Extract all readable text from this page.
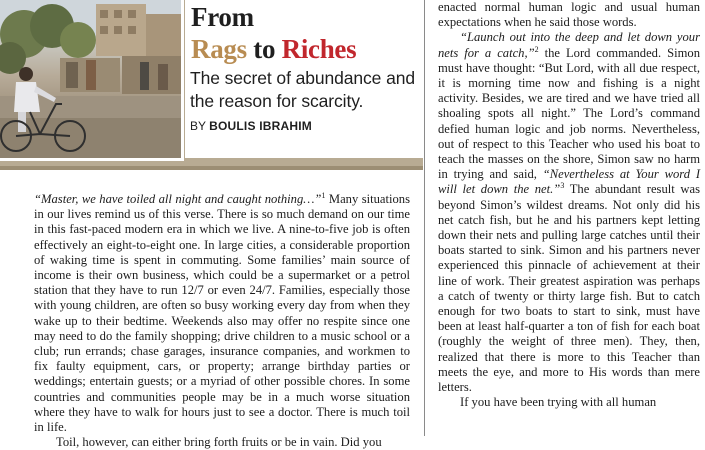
From
Rags to Riches
The secret of abundance and the reason for scarcity.
BY BOULIS IBRAHIM

“Master, we have toiled all night and caught nothing…”$^1$ Many situations in our lives remind us of this verse. There is so much demand on our time in this fast-paced modern era in which we live. A nine-to-five job is often effectively an eight-to-eight one. In large cities, a considerable proportion of waking time is spent in commuting. Some families’ main source of income is their own business, which could be a supermarket or a petrol station that they have to run 12/7 or even 24/7. Families, especially those with young children, are often so busy working every day from when they wake up to their bedtime. Weekends also may offer no respite since one may need to do the family shopping; drive children to a music school or a club; run errands; chase garages, insurance companies, and workmen to fix faulty equipment, cars, or property; arrange birthday parties or weddings; entertain guests; or a myriad of other possible chores. In some countries and communities people may be in a much worse situation where they have to walk for hours just to see a doctor. There is much toil in life.

Toil, however, can either bring forth fruits or be in vain. Did you

enacted normal human logic and usual human expectations when he said those words.

“Launch out into the deep and let down your nets for a catch,”$^2$ the Lord commanded. Simon must have thought: “But Lord, with all due respect, it is morning time now and fishing is a night activity. Besides, we are tired and we have tried all shoaling spots all night.” The Lord’s command defied human logic and job norms. Nevertheless, out of respect to this Teacher who used his boat to teach the masses on the shore, Simon saw no harm in trying and said, “Nevertheless at Your word I will let down the net.”$^3$ The abundant result was beyond Simon’s wildest dreams. Not only did his net catch fish, but he and his partners kept letting down their nets and pulling large catches until their boats started to sink. Simon and his partners never experienced this pinnacle of achievement at their line of work. Their greatest aspiration was perhaps a catch of twenty or thirty large fish. But to catch enough for two boats to start to sink, must have been at least half-quarter a ton of fish for each boat (roughly the weight of three men). They, then, realized that there is more to this Teacher than meets the eye, and more to His words than mere letters.

If you have been trying with all human
